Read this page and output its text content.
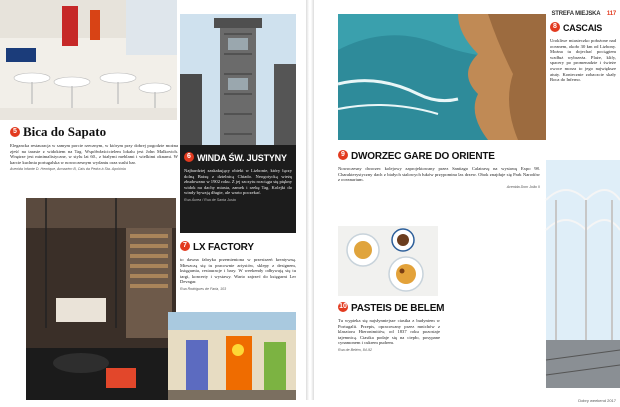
5 Bica do Sapato
Elegancka restauracja w samym porcie rzecznym, w którym przy dobrej pogodzie można zjeść na tarasie z widokiem na Tag. Współwłaścicielem lokalu jest John Malkovich. Wnętrze jest minimalistyczne, w stylu lat 60., z białymi meblami i wielkimi oknami. W karcie kuchnia portugalska w nowoczesnym wydaniu oraz sushi bar.
Avenida Infante D. Henrique, Armazém B, Cais da Pedra à Sta. Apolónia
6 WINDA ŚW. JUSTYNY
Najbardziej zaskakujący obiekt w Lizbonie, który łączy dolną Baixę z dzielnicą Chiado. Neogotycką wieżę zbudowano w 1902 roku. Z jej szczytu rozciąga się piękny widok na dachy miasta, zamek i rzekę Tag. Kolejki do windy bywają długie, ale warto poczekać.
Rua Áurea / Rua de Santa Justa
7 LX FACTORY
to dawna fabryka przemieniona w przestrzeń kreatywną. Mieszczą się tu pracownie artystów, sklepy z designem, księgarnia, restauracje i bary. W weekendy odbywają się tu targi, koncerty i wystawy. Warto zajrzeć do księgarni Ler Devagar.
Rua Rodrigues de Faria, 103
STREFA MIEJSKA 117
8 CASCAIS
Urokliwe miasteczko położone nad oceanem, około 30 km od Lizbony. Można tu dojechać pociągiem wzdłuż wybrzeża. Plaże, klify, spacery po promenadzie i świeże owoce morza to jego największe atuty. Koniecznie zobaczcie skały Boca do Inferno.
9 DWORZEC GARE DO ORIENTE
Nowoczesny dworzec kolejowy zaprojektowany przez Santiago Calatravę na wystawę Expo 98. Charakterystyczny dach z białych stalowych łuków przypomina las drzew. Obok znajduje się Park Narodów z oceanarium.
Avenida Dom João II
10 PASTEIS DE BELEM
Tu wypieka się najsłynniejsze ciastka z budyniem w Portugalii. Przepis, opracowany przez mnichów z klasztoru Hieronimitów, od 1837 roku pozostaje tajemnicą. Ciastka podaje się na ciepło, posypane cynamonem i cukrem pudrem.
Rua de Belém, 84-92
Dobry weekend 2017
